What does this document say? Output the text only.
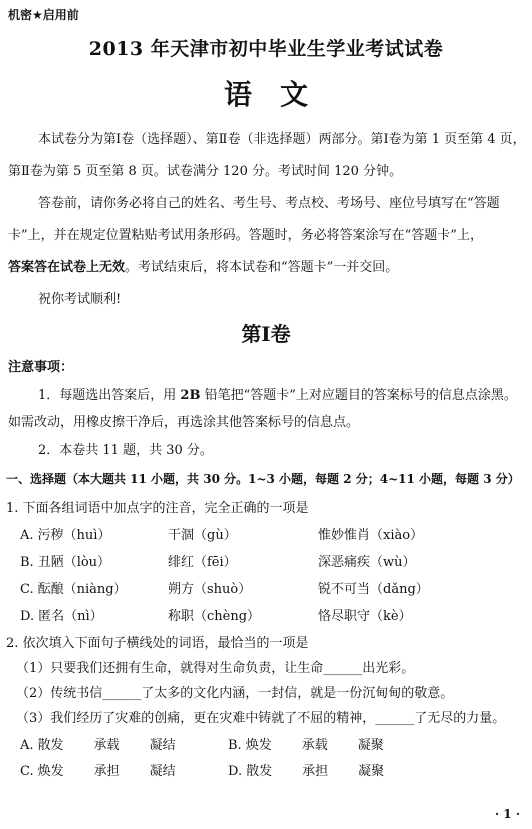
机密★启用前
2013 年天津市初中毕业生学业考试试卷
语文
本试卷分为第Ⅰ卷（选择题）、第Ⅱ卷（非选择题）两部分。第Ⅰ卷为第 1 页至第 4 页，
第Ⅱ卷为第 5 页至第 8 页。试卷满分 120 分。考试时间 120 分钟。
答卷前，请你务必将自己的姓名、考生号、考点校、考场号、座位号填写在“答题
卡”上，并在规定位置粘贴考试用条形码。答题时，务必将答案涂写在“答题卡”上，
答案答在试卷上无效。考试结束后，将本试卷和“答题卡”一并交回。
祝你考试顺利!
第Ⅰ卷
注意事项：
1．每题选出答案后，用 2B 铅笔把“答题卡”上对应题目的答案标号的信息点涂黑。
如需改动，用橡皮擦干净后，再选涂其他答案标号的信息点。
2．本卷共 11 题，共 30 分。
一、选择题（本大题共 11 小题，共 30 分。1~3 小题，每题 2 分；4~11 小题，每题 3 分）
1. 下面各组词语中加点字的注音，完全正确的一项是
A. 污秽（huì）	干涸（gù）	惟妙惟肖（xiào）
B. 丑陋（lòu）	绯红（fēi）	深恶痛疾（wù）
C. 酝酿（niàng）	朔方（shuò）	锐不可当（dǎng）
D. 匿名（nì）	称职（chèng）	恪尽职守（kè）
2. 依次填入下面句子横线处的词语，最恰当的一项是
（1）只要我们还拥有生命，就得对生命负责，让生命______出光彩。
（2）传统书信______了太多的文化内涵，一封信，就是一份沉甸甸的敬意。
（3）我们经历了灾难的创痛，更在灾难中铸就了不屈的精神，______了无尽的力量。
A. 散发 承载 凝结	B. 焕发 承载 凝聚
C. 焕发 承担 凝结	D. 散发 承担 凝聚
· 1 ·
